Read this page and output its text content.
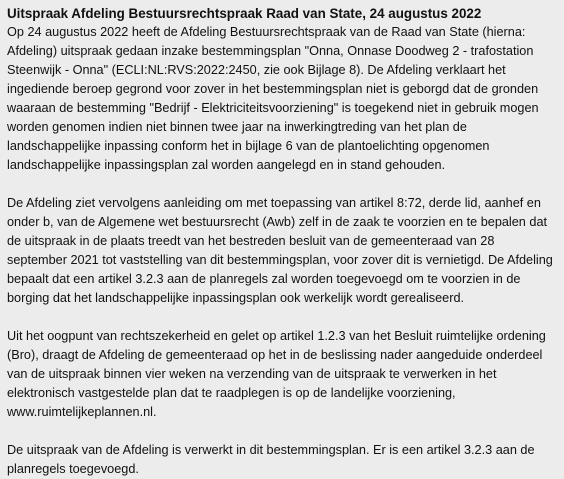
Uitspraak Afdeling Bestuursrechtspraak Raad van State, 24 augustus 2022

Op 24 augustus 2022 heeft de Afdeling Bestuursrechtspraak van de Raad van State (hierna: Afdeling) uitspraak gedaan inzake bestemmingsplan "Onna, Onnase Doodweg 2 - trafostation Steenwijk - Onna" (ECLI:NL:RVS:2022:2450, zie ook Bijlage 8). De Afdeling verklaart het ingediende beroep gegrond voor zover in het bestemmingsplan niet is geborgd dat de gronden waaraan de bestemming "Bedrijf - Elektriciteitsvoorziening" is toegekend niet in gebruik mogen worden genomen indien niet binnen twee jaar na inwerkingtreding van het plan de landschappelijke inpassing conform het in bijlage 6 van de plantoelichting opgenomen landschappelijke inpassingsplan zal worden aangelegd en in stand gehouden.

De Afdeling ziet vervolgens aanleiding om met toepassing van artikel 8:72, derde lid, aanhef en onder b, van de Algemene wet bestuursrecht (Awb) zelf in de zaak te voorzien en te bepalen dat de uitspraak in de plaats treedt van het bestreden besluit van de gemeenteraad van 28 september 2021 tot vaststelling van dit bestemmingsplan, voor zover dit is vernietigd. De Afdeling bepaalt dat een artikel 3.2.3 aan de planregels zal worden toegevoegd om te voorzien in de borging dat het landschappelijke inpassingsplan ook werkelijk wordt gerealiseerd.

Uit het oogpunt van rechtszekerheid en gelet op artikel 1.2.3 van het Besluit ruimtelijke ordening (Bro), draagt de Afdeling de gemeenteraad op het in de beslissing nader aangeduide onderdeel van de uitspraak binnen vier weken na verzending van de uitspraak te verwerken in het elektronisch vastgestelde plan dat te raadplegen is op de landelijke voorziening, www.ruimtelijkeplannen.nl.

De uitspraak van de Afdeling is verwerkt in dit bestemmingsplan. Er is een artikel 3.2.3 aan de planregels toegevoegd.
